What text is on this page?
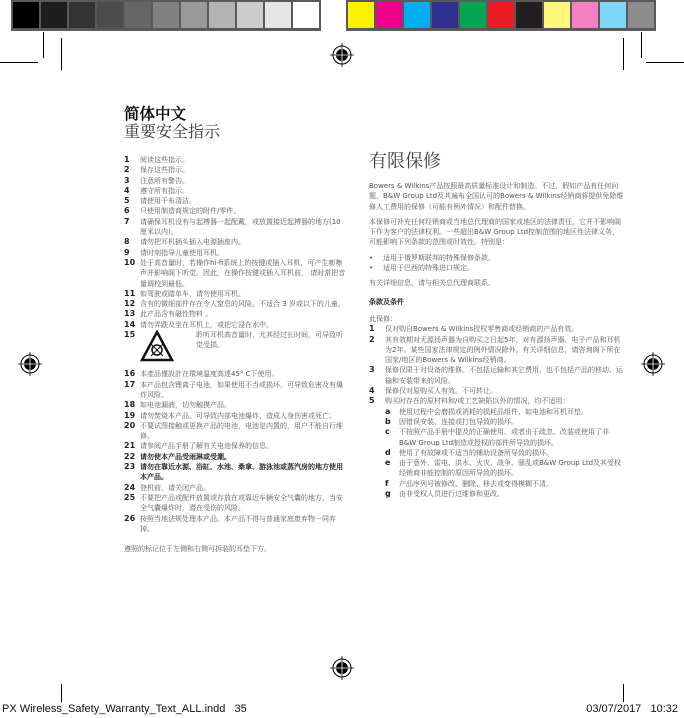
简体中文
重要安全指示
1	阅读这些指示。
2	保存这些指示。
3	注意所有警告。
4	遵守所有指示。
5	请使用干布清洁。
6	只使用制造商规定的附件/零件。
7	请确保耳机没有与起搏器一起配戴，或放置接近起搏器的地方(10厘米以内)。
8	请勿把耳机插头插入电源插座内。
9	请时刻指导儿童使用耳机。
10 处于高音量时，若操作hi-fi系统上的按键或插入耳机，可产生嘭嚓声并影响阁下听觉。因此，在操作按键或插入耳机前， 请时常把音量调校到最低。
11 如驾驶或踏单车，请勿使用耳机。
12 含有的微细部件存在令人窒息的风险。不适合 3 岁或以下的儿童。
13 此产品含有磁性物料 。
14 请勿弄跌及坐在耳机上，或把它浸在水中。
15	聆听耳机高音量时，尤其经过长时间，可导致听觉受损。
16 本產品僅設計在環境溫度高達45° C下使用。
17 本产品包含锂离子电池，如果使用不当或损坏，可导致危害及有爆炸风险。
18 如电池漏液，切勿触摸产品。
19 请勿焚烧本产品。可导致内部电池爆炸、造成人身伤害或死亡。
20 不要试图接触或更换产品的电池，电池是内置的，用户不能自行维修。
21 请参阅产品手册了解有关电池保养的信息。
22 请勿使本产品受雨淋或受潮。
23 请勿在靠近水源、浴缸、水池、桑拿、游泳池或蒸汽房的地方使用本产品。
24 登机前，请关闭产品。
25 不要把产品或配件放置或存放在或靠近车辆安全气囊的地方，当安全气囊爆炸时，潜在受伤的风险。
26 按照当地法规处理本产品。本产品不得与普通家庭废弃物一同弃掉。
遵照的标记位于左侧和右侧可拆装的耳垫下方。
有限保修

Bowers & Wilkins产品按照最高质量标准设计和制造。不过，假如产品有任何问题，B&W Group Ltd及其遍布全国认可的Bowers & Wilkins经销商将提供免除维修人工费用的保修（可能有例外情况）和配件替换。

本保修可补充任何经销商或当地总代理商的国家或地区的法律责任，它并不影响阁下作为客户的法律权利。一些超出B&W Group Ltd控制范围的地区性法律义务，可能影响下列条款的范围或时效性。特别是：

•	适用于俄罗斯联邦的特殊保修条款。
•	适用于巴西的特殊进口规定。

有关详细信息，请与相关总代理商联系。

条款及条件

此保修：
1	仅对购自Bowers & Wilkins授权零售商或经销商的产品有效。
2	其有效期对无源扬声器为自购买之日起5年，对有源扬声器、电子产品和耳机为2年。某些国家法律规定的例外情况除外。有关详细信息，请咨询阁下所在国家/地区的Bowers & Wilkins经销商。
3	保修仅限于对设备的维修。不包括运输和其它费用，也不包括产品的移动、运输和安装带来的风险。
4	保修仅对原购买人有效。不可转让。
5	购买时存在的原材料和/或工艺缺陷以外的情况，均不适用：
a	使用过程中会磨损或消耗的损耗品组件，如电池和耳机耳垫。
b	因错误安装、连接或打包导致的损坏。
c	不按照产品手册中提及的正确使用、或者由于疏忽、改装或使用了非B&W Group Ltd制造或授权的部件所导致的损坏。
d	使用了有故障或不适当的辅助设备所导致的损坏。
e	由于意外、雷电、洪水、火灾、战争、骚乱或B&W Group Ltd及其受权经销商非能控制的原因所导致的损坏。
f	产品序列号被修改、删除、移去或变得模糊不清。
g	由非受权人员进行过维修和更改。
PX Wireless_Safety_Warranty_Text_ALL.indd   35	03/07/2017   10:32
